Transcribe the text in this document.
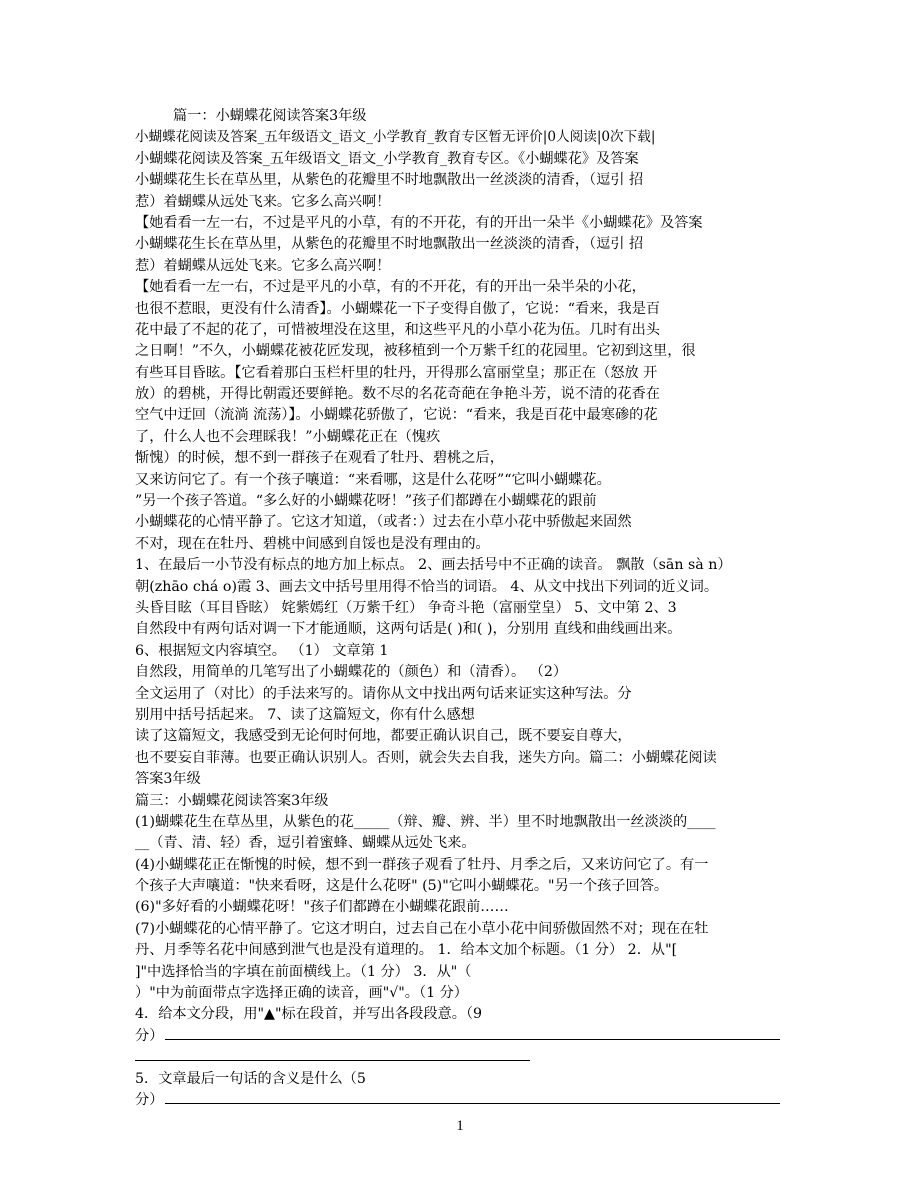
篇一：小蝴蝶花阅读答案3年级
小蝴蝶花阅读及答案_五年级语文_语文_小学教育_教育专区暂无评价|0人阅读|0次下载|
小蝴蝶花阅读及答案_五年级语文_语文_小学教育_教育专区。《小蝴蝶花》及答案
小蝴蝶花生长在草丛里，从紫色的花瓣里不时地飘散出一丝淡淡的清香，（逗引 招
惹）着蝴蝶从远处飞来。它多么高兴啊！
【她看看一左一右，不过是平凡的小草，有的不开花，有的开出一朵半《小蝴蝶花》及答案
小蝴蝶花生长在草丛里，从紫色的花瓣里不时地飘散出一丝淡淡的清香，（逗引 招
惹）着蝴蝶从远处飞来。它多么高兴啊！
【她看看一左一右，不过是平凡的小草，有的不开花，有的开出一朵半朵的小花，
也很不惹眼，更没有什么清香】。小蝴蝶花一下子变得自傲了，它说：“看来，我是百
花中最了不起的花了，可惜被埋没在这里，和这些平凡的小草小花为伍。几时有出头
之日啊！”不久，小蝴蝶花被花匠发现，被移植到一个万紫千红的花园里。它初到这里，很
有些耳目昏眩。【它看着那白玉栏杆里的牡丹，开得那么富丽堂皇；那正在（怒放 开
放）的碧桃，开得比朝霞还要鲜艳。数不尽的名花奇葩在争艳斗芳，说不清的花香在
空气中迂回（流淌 流荡）】。小蝴蝶花骄傲了，它说：“看来，我是百花中最寒碜的花
了，什么人也不会理睬我！”小蝴蝶花正在（愧疚
惭愧）的时候，想不到一群孩子在观看了牡丹、碧桃之后，
又来访问它了。有一个孩子嚷道：“来看哪，这是什么花呀”“它叫小蝴蝶花。
”另一个孩子答道。“多么好的小蝴蝶花呀！”孩子们都蹲在小蝴蝶花的跟前
小蝴蝶花的心情平静了。它这才知道，（或者：）过去在小草小花中骄傲起来固然
不对，现在在牡丹、碧桃中间感到自馁也是没有理由的。
1、在最后一小节没有标点的地方加上标点。 2、画去括号中不正确的读音。 飘散（sān sà n）
朝(zhāo chá o)霞 3、画去文中括号里用得不恰当的词语。 4、从文中找出下列词的近义词。
头昏目眩（耳目昏眩） 姹紫嫣红（万紫千红） 争奇斗艳（富丽堂皇） 5、文中第 2、3
自然段中有两句话对调一下才能通顺，这两句话是( )和( )，分别用 直线和曲线画出来。
6、根据短文内容填空。 （1） 文章第 1
自然段，用简单的几笔写出了小蝴蝶花的（颜色）和（清香）。 （2）
全文运用了（对比）的手法来写的。请你从文中找出两句话来证实这种写法。分
别用中括号括起来。 7、读了这篇短文，你有什么感想
读了这篇短文，我感受到无论何时何地，都要正确认识自己，既不要妄自尊大，
也不要妄自菲薄。也要正确认识别人。否则，就会失去自我，迷失方向。篇二：小蝴蝶花阅读
答案3年级
篇三：小蝴蝶花阅读答案3年级
(1)蝴蝶花生在草丛里，从紫色的花_____（辩、瓣、辨、半）里不时地飘散出一丝淡淡的____
__（青、清、轻）香，逗引着蜜蜂、蝴蝶从远处飞来。
(4)小蝴蝶花正在惭愧的时候，想不到一群孩子观看了牡丹、月季之后，又来访问它了。有一
个孩子大声嚷道："快来看呀，这是什么花呀" (5)"它叫小蝴蝶花。"另一个孩子回答。
(6)"多好看的小蝴蝶花呀！"孩子们都蹲在小蝴蝶花跟前……
(7)小蝴蝶花的心情平静了。它这才明白，过去自己在小草小花中间骄傲固然不对；现在在牡
丹、月季等名花中间感到泄气也是没有道理的。 1．给本文加个标题。（1 分） 2．从"[
]"中选择恰当的字填在前面横线上。（1 分） 3．从"（
）"中为前面带点字选择正确的读音，画"√"。（1 分）
4．给本文分段，用"▲"标在段首，并写出各段段意。（9
分）
5．文章最后一句话的含义是什么（5
分）
1
